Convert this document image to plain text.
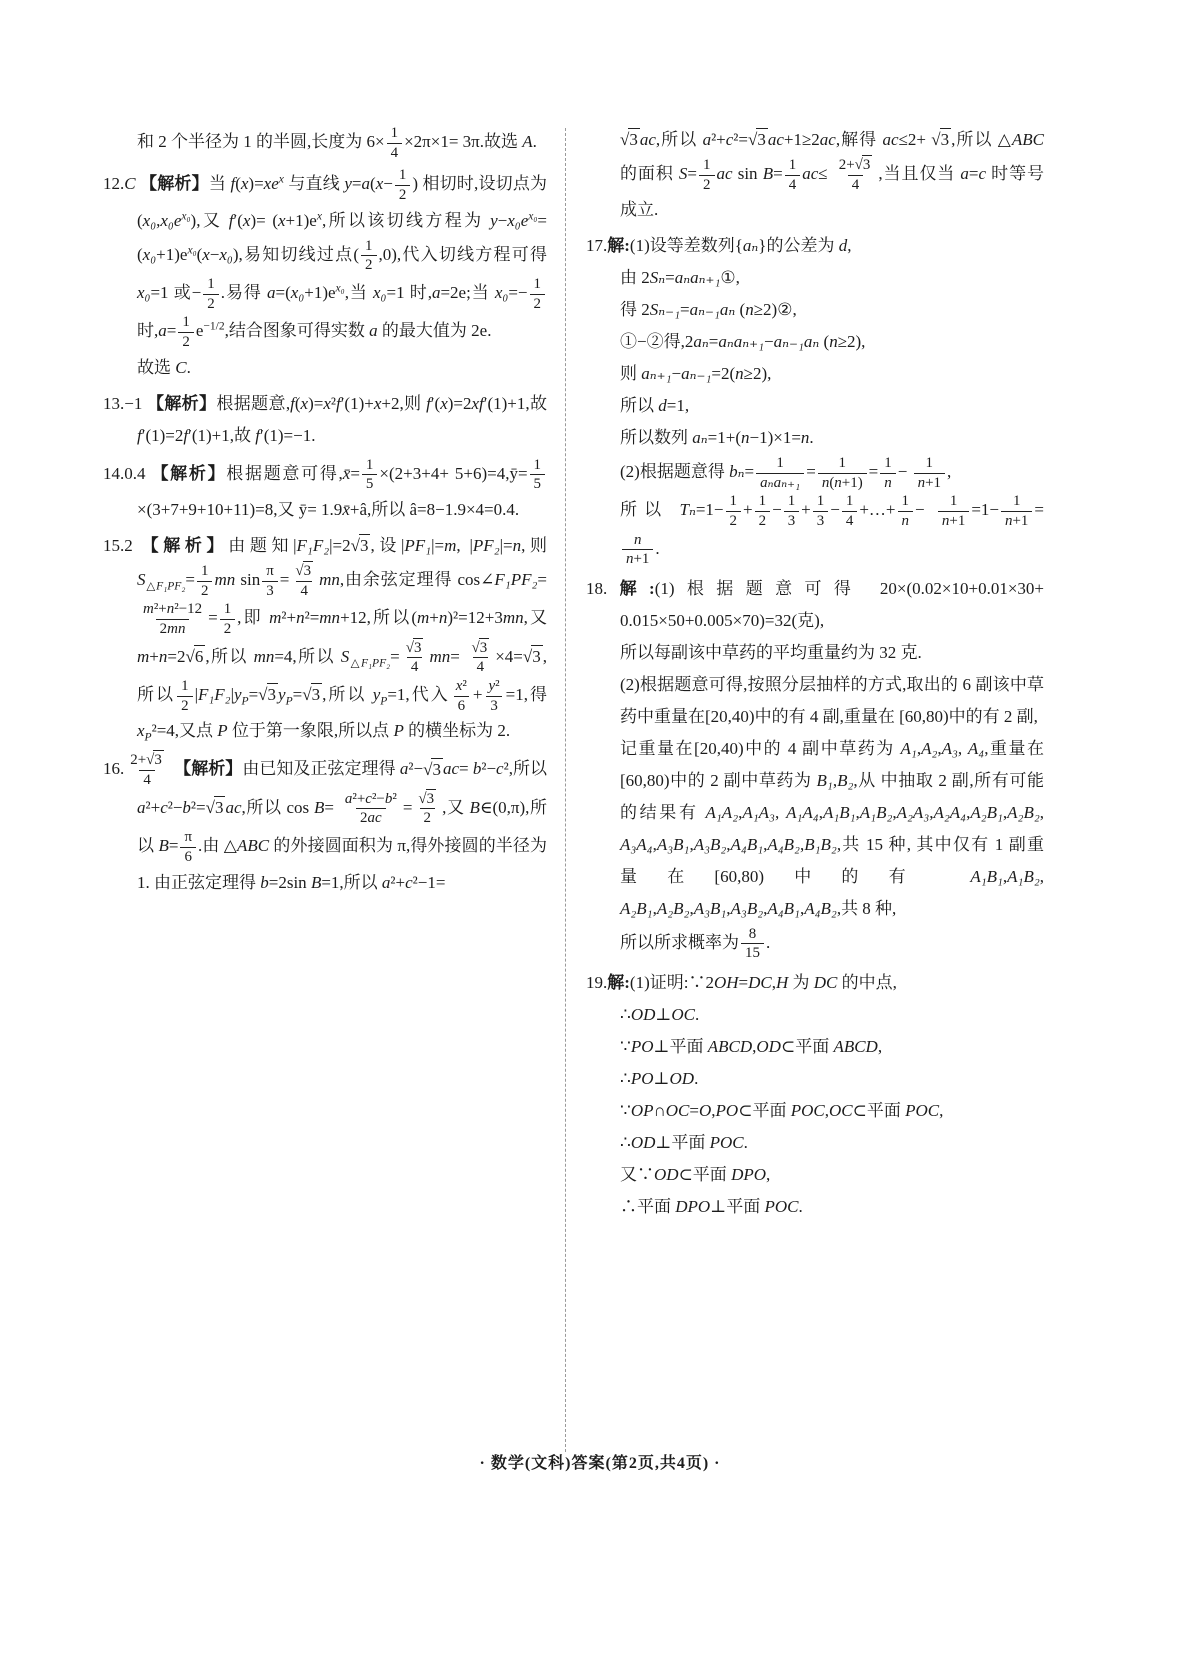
和 2 个半径为 1 的半圆,长度为 $6\times \frac{1}{4} \times 2\pi\times 1= 3\pi$.故选 A.

12.C 【解析】当 $f(x)=xe^x$ 与直线 $y=a(x- \frac{1}{2}$ ) 相切时,设切点为 $(x_0,x_0e^{x_0})$,又 $f'(x)= (x+1)e^x$,所以该切线方程为 $y-x_0e^{x_0}= (x_0+1)e^{x_0}(x-x_0)$,易知切线过点( $\frac{1}{2} ,0$),代入切线方程可得 x₀=1 或− $\frac{1}{2}$ .易得 $a=(x_0+1)e^{x_0}$,当 x₀=1 时,a=2e;当 $x_0=- \frac{1}{2}$
时$,a= \frac{1}{2} e^{-1/2}$,结合图象可得实数 a 的最大值为 2e.

故选 C.

13.−1 【解析】根据题意,f(x)=x²f′(1)+x+2,则 f′(x)=2xf′(1)+1,故 f′(1)=2f′(1)+1,故 f′(1)=−1.

14.0.4 【解析】根据题意可得,x̄= $\frac{1}{5} \times(2+3+4+$ 5+6)=4,ȳ= $\frac{1}{5}$
×(3+7+9+10+11)=8,又 ȳ= 1.9x̄+â,所以 â=8−1.9×4=0.4.

15.2 【解析】由题知|F₁F₂|=2√3 ,设|PF₁|=m, |PF₂|=n,则 $S_{\triangle F_1PF_2}= \frac{1}{2}$ mn $\sin \frac{\pi}{3} = \frac{√3}{4}$ mn,由余弦定理得 cos∠F₁PF₂=
$\frac{\text{m²+n²−12}}{2mn} = \frac{1}{2}$ ,即 m²+n²=mn+12,所以(m+n)²=12+3mn,又 m+n=2√6 ,所以 mn=4,所以 $S_{\triangle F_1PF_2}= \frac{√3}{4} mn= \frac{√3}{4} \times 4=√3$ ,所以 $\frac{1}{2} |F_1F_2|y_P=√3$ $y_P=√3$ ,所以 $y_P=1$,代入 $\frac{\text{x²}}{6} + \frac{\text{y²}}{3} =1$,得 $x_P^2=4$,又点 P 位于第一象限,所以点 P 的横坐标为 2.

16. $\frac{2+√3}{4}$ 【解析】由已知及正弦定理得 a²−√3 ac= b²−c²,所以 a²+c²−b²=√3 ac,所以 $\cos B= \frac{\text{a²+c²−b²}}{2ac} = \frac{√3}{2}$ ,又 B∈(0,π),所以 $B= \frac{\pi}{6}$ .由 △ABC 的外接圆面积为 π,得外接圆的半径为 1. 由正弦定理得 b=2sin B=1,所以 a²+c²−1=

√3 ac,所以 a²+c²=√3 ac+1≥2ac,解得 ac≤2+ √3 ,所以 △ABC 的面积 $S= \frac{1}{2}$ ac $\sin B= \frac{1}{4} ac\le \frac{2+√3}{4}$ ,当且仅当 a=c 时等号成立.

17.解:(1)设等差数列{aₙ}的公差为 d,

由 2Sₙ=aₙaₙ₊₁①,

得 2Sₙ₋₁=aₙ₋₁aₙ (n≥2)②,

①−②得,2aₙ=aₙaₙ₊₁−aₙ₋₁aₙ (n≥2),

则 aₙ₊₁−aₙ₋₁=2(n≥2),

所以 d=1,

所以数列 aₙ=1+(n−1)×1=n.

(2)根据题意得 $b_n= \frac{1}{\text{aₙaₙ₊₁}} = \frac{1}{n(n+1)} = \frac{1}{n} - \frac{1}{n+1}$ ,

所以 $T_n=1- \frac{1}{2} + \frac{1}{2} - \frac{1}{3} + \frac{1}{3} - \frac{1}{4}$ +…+ $\frac{1}{n} - \frac{1}{n+1} =1- \frac{1}{n+1}$ =
$\frac{n}{n+1}$ .

18.解:(1)根据题意可得 20×(0.02×10+0.01×30+ 0.015×50+0.005×70)=32(克),

所以每副该中草药的平均重量约为 32 克.

(2)根据题意可得,按照分层抽样的方式,取出的 6 副该中草药中重量在[20,40)中的有 4 副,重量在 [60,80)中的有 2 副,

记重量在[20,40)中的 4 副中草药为 A₁,A₂,A₃, A₄,重量在[60,80)中的 2 副中草药为 B₁,B₂,从 中抽取 2 副,所有可能的结果有 A₁A₂,A₁A₃, A₁A₄,A₁B₁,A₁B₂,A₂A₃,A₂A₄,A₂B₁,A₂B₂, A₃A₄,A₃B₁,A₃B₂,A₄B₁,A₄B₂,B₁B₂,共 15 种, 其中仅有 1 副重量在[60,80)中的有 A₁B₁,A₁B₂, A₂B₁,A₂B₂,A₃B₁,A₃B₂,A₄B₁,A₄B₂,共 8 种,

所以所求概率为 $\frac{8}{15}$ .

19.解:(1)证明:∵2OH=DC,H 为 DC 的中点,

∴OD⊥OC.

∵PO⊥平面 ABCD,OD⊂平面 ABCD,

∴PO⊥OD.

∵OP∩OC=O,PO⊂平面 POC,OC⊂平面 POC,

∴OD⊥平面 POC.

又∵OD⊂平面 DPO,

∴平面 DPO⊥平面 POC.

· 数学(文科)答案(第2页,共4页) ·
